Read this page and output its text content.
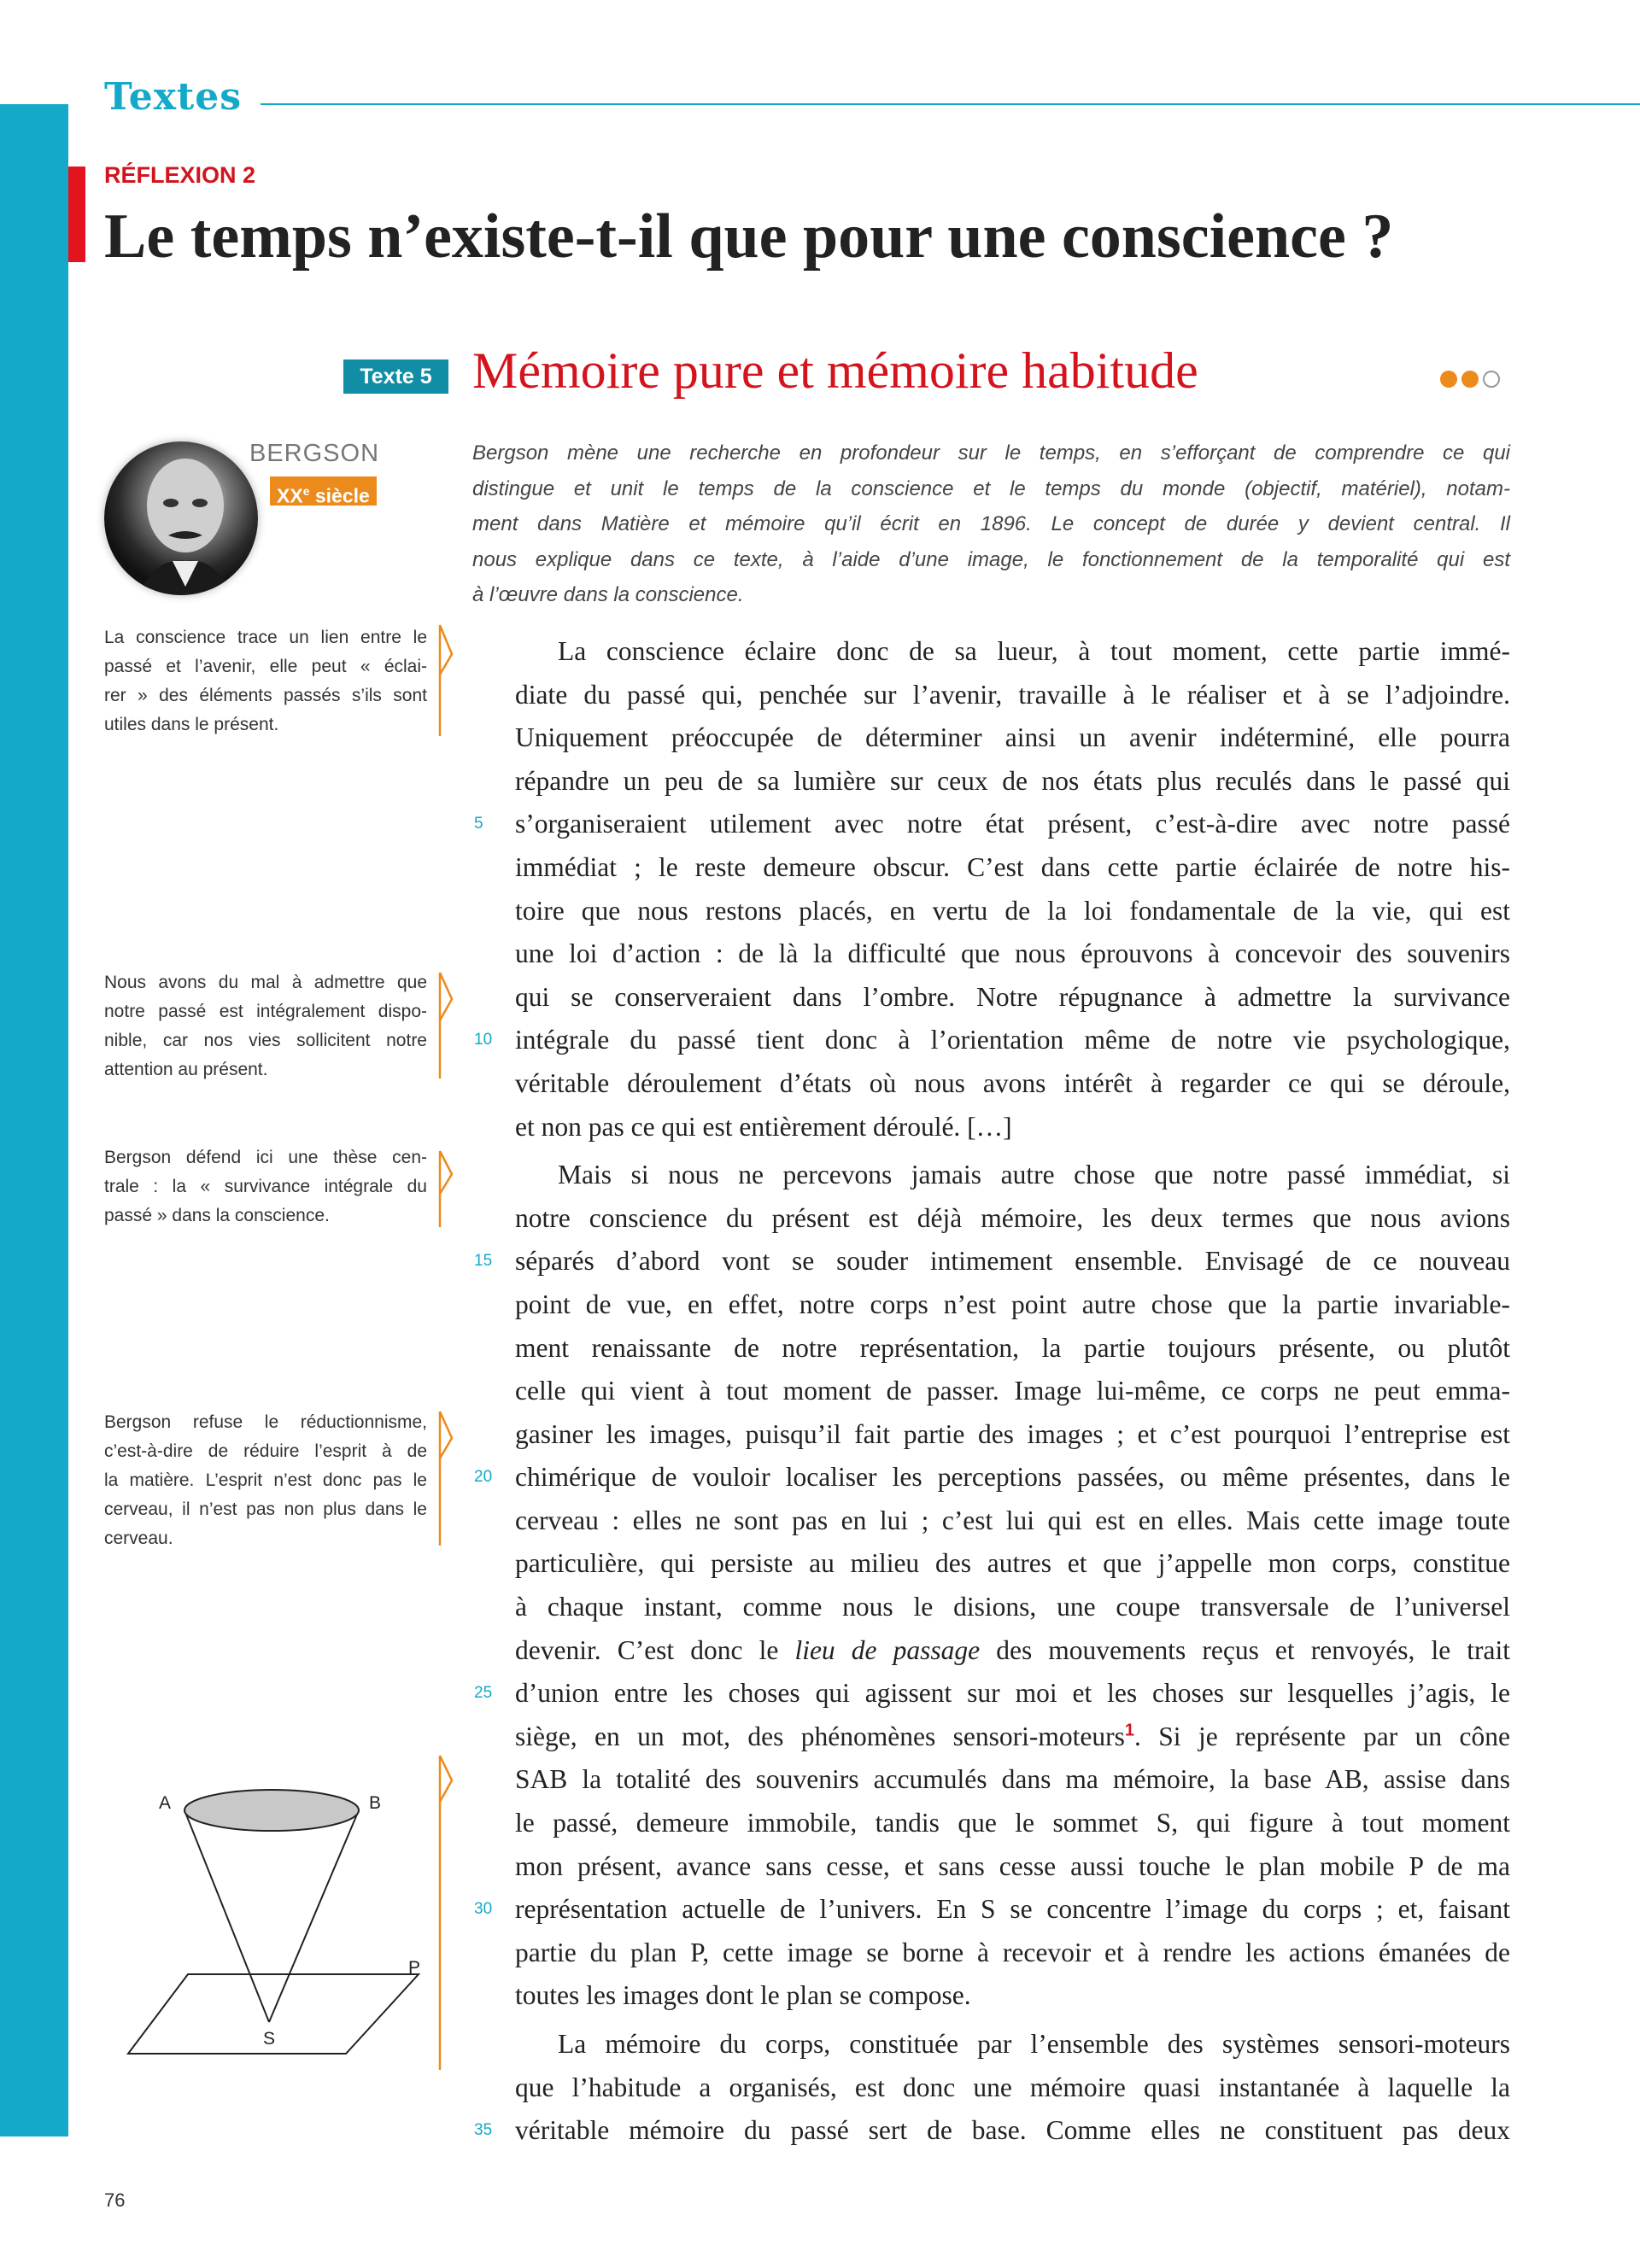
Textes
RÉFLEXION 2
Le temps n’existe-t-il que pour une conscience ?
Texte 5 Mémoire pure et mémoire habitude
BERGSON
XXe siècle
Bergson mène une recherche en profondeur sur le temps, en s’efforçant de comprendre ce qui
distingue et unit le temps de la conscience et le temps du monde (objectif, matériel), notam-
ment dans Matière et mémoire qu’il écrit en 1896. Le concept de durée y devient central. Il
nous explique dans ce texte, à l’aide d’une image, le fonctionnement de la temporalité qui est
à l’œuvre dans la conscience.
La conscience éclaire donc de sa lueur, à tout moment, cette partie immé-
diate du passé qui, penchée sur l’avenir, travaille à le réaliser et à se l’adjoindre.
Uniquement préoccupée de déterminer ainsi un avenir indéterminé, elle pourra
répandre un peu de sa lumière sur ceux de nos états plus reculés dans le passé qui
5	s’organiseraient utilement avec notre état présent, c’est-à-dire avec notre passé
immédiat ; le reste demeure obscur. C’est dans cette partie éclairée de notre his-
toire que nous restons placés, en vertu de la loi fondamentale de la vie, qui est
une loi d’action : de là la difficulté que nous éprouvons à concevoir des souvenirs
qui se conserveraient dans l’ombre. Notre répugnance à admettre la survivance
10 intégrale du passé tient donc à l’orientation même de notre vie psychologique,
véritable déroulement d’états où nous avons intérêt à regarder ce qui se déroule,
et non pas ce qui est entièrement déroulé. […]
Mais si nous ne percevons jamais autre chose que notre passé immédiat, si
notre conscience du présent est déjà mémoire, les deux termes que nous avions
15 séparés d’abord vont se souder intimement ensemble. Envisagé de ce nouveau
point de vue, en effet, notre corps n’est point autre chose que la partie invariable-
ment renaissante de notre représentation, la partie toujours présente, ou plutôt
celle qui vient à tout moment de passer. Image lui-même, ce corps ne peut emma-
gasiner les images, puisqu’il fait partie des images ; et c’est pourquoi l’entreprise est
20 chimérique de vouloir localiser les perceptions passées, ou même présentes, dans le
cerveau : elles ne sont pas en lui ; c’est lui qui est en elles. Mais cette image toute
particulière, qui persiste au milieu des autres et que j’appelle mon corps, constitue
à chaque instant, comme nous le disions, une coupe transversale de l’universel
devenir. C’est donc le lieu de passage des mouvements reçus et renvoyés, le trait
25 d’union entre les choses qui agissent sur moi et les choses sur lesquelles j’agis, le
siège, en un mot, des phénomènes sensori-moteurs$^1$. Si je représente par un cône
SAB la totalité des souvenirs accumulés dans ma mémoire, la base AB, assise dans
le passé, demeure immobile, tandis que le sommet S, qui figure à tout moment
mon présent, avance sans cesse, et sans cesse aussi touche le plan mobile P de ma
30 représentation actuelle de l’univers. En S se concentre l’image du corps ; et, faisant
partie du plan P, cette image se borne à recevoir et à rendre les actions émanées de
toutes les images dont le plan se compose.
La mémoire du corps, constituée par l’ensemble des systèmes sensori-moteurs
que l’habitude a organisés, est donc une mémoire quasi instantanée à laquelle la
35 véritable mémoire du passé sert de base. Comme elles ne constituent pas deux
La conscience trace un lien entre le
passé et l’avenir, elle peut « éclai-
rer » des éléments passés s’ils sont
utiles dans le présent.
Nous avons du mal à admettre que
notre passé est intégralement dispo-
nible, car nos vies sollicitent notre
attention au présent.
Bergson défend ici une thèse cen-
trale : la « survivance intégrale du
passé » dans la conscience.
Bergson refuse le réductionnisme,
c’est-à-dire de réduire l’esprit à de
la matière. L’esprit n’est donc pas le
cerveau, il n’est pas non plus dans le
cerveau.
A	B
S
P
76
